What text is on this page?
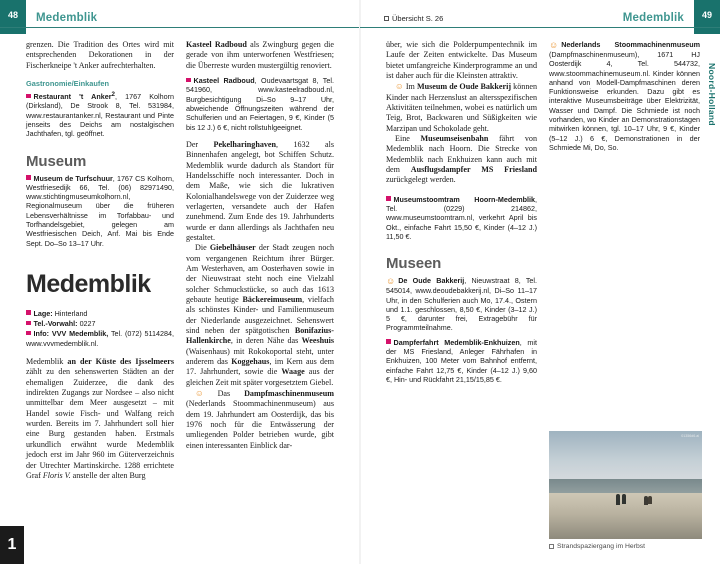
48	Medemblik

grenzen. Die Tradition des Ortes wird mit entsprechenden Dekorationen in der Fischerkneipe 't Anker aufrechterhalten.

Gastronomie/Einkaufen

Restaurant 't Anker$^2$, 1767 Kolhorn (Dirksland), De Strook 8, Tel. 531984, www.restaurantanker.nl, Restaurant und Pinte jenseits des Deichs am nostalgischen Jachthafen, tgl. geöffnet.

Museum

Museum de Turfschuur, 1767 CS Kolhorn, Westfriesedijk 66, Tel. (06) 82971490, www.stichtingmuseumkolhorn.nl, Regionalmuseum über die früheren Lebensverhältnisse im Torfabbau- und Torfhandelsgebiet, gelegen am Westfriesischen Deich, Anf. Mai bis Ende Sept. Do–So 13–17 Uhr.

Medemblik

Lage: Hinterland

Tel.-Vorwahl: 0227

Info: VVV Medemblik, Tel. (072) 5114284, www.vvvmedemblik.nl.

Medemblik an der Küste des Ijsselmeers zählt zu den sehenswerten Städten an der ehemaligen Zuiderzee, die dank des indirekten Zugangs zur Nordsee – also nicht unmittelbar dem Meer ausgesetzt – mit Handel sowie Fisch- und Walfang reich wurden. Bereits im 7. Jahrhundert soll hier eine Burg gestanden haben. Erstmals urkundlich erwähnt wurde Medemblik jedoch erst im Jahr 960 im Güterverzeichnis der Utrechter Martinskirche. 1288 errichtete Graf Floris V. anstelle der alten Burg

Kasteel Radboud als Zwingburg gegen die gerade von ihm unterworfenen Westfriesen; die Überreste wurden mustergültig renoviert.

Kasteel Radboud, Oudevaartsgat 8, Tel. 541960, www.kasteelradboud.nl, Burgbesichtigung Di–So 9–17 Uhr, abweichende Öffnungszeiten während der Schulferien und an Feiertagen, 9 €, Kinder (5 bis 12 J.) 6 €, nicht rollstuhlgeeignet.

Der Pekelharinghaven, 1632 als Binnenhafen angelegt, bot Schiffen Schutz. Medemblik wurde dadurch als Standort für Handelsschiffe noch interessanter. Doch in dem Maße, wie sich die lukrativen Kolonialhandelswege von der Zuiderzee weg verlagerten, versandete auch der Hafen zunehmend. Zum Ende des 19. Jahrhunderts wurde er dann allerdings als Jachthafen neu gestaltet.

Die Giebelhäuser der Stadt zeugen noch vom vergangenen Reichtum ihrer Bürger. Am Westerhaven, am Oosterhaven sowie in der Nieuwstraat steht noch eine Vielzahl solcher Schmuckstücke, so auch das 1613 gebaute heutige Bäckereimuseum, vielfach als schönstes Kinder- und Familienmuseum der Niederlande ausgezeichnet. Sehenswert sind neben der spätgotischen Bonifazius-Hallenkirche, in deren Nähe das Weeshuis (Waisenhaus) mit Rokokoportal steht, unter anderem das Koggehaus, im Kern aus dem 17. Jahrhundert, sowie die Waage aus der gleichen Zeit mit später vorgesetztem Giebel.

☺ Das Dampfmaschinenmuseum (Nederlands Stoommachinenmuseum) aus dem 19. Jahrhundert am Oosterdijk, das bis 1976 noch für die Entwässerung der umliegenden Polder betrieben wurde, gibt einen interessanten Einblick dar-

1
Übersicht S. 26	Medemblik	49
Noord-Holland

über, wie sich die Polderpumpentechnik im Laufe der Zeiten entwickelte. Das Museum bietet umfangreiche Kinderprogramme an und ist daher auch für die Kleinsten attraktiv.

☺ Im Museum de Oude Bakkerij können Kinder nach Herzenslust an altersspezifischen Aktivitäten teilnehmen, wobei es natürlich um Teig, Brot, Backwaren und Süßigkeiten wie Marzipan und Schokolade geht.

Eine Museumseisenbahn fährt von Medemblik nach Hoorn. Die Strecke von Medemblik nach Enkhuizen kann auch mit dem Ausflugsdampfer MS Friesland zurückgelegt werden.

Museumstoomtram Hoorn-Medemblik, Tel. (0229) 214862, www.museumstoomtram.nl, verkehrt April bis Okt., einfache Fahrt 15,50 €, Kinder (4–12 J.) 11,50 €.

Museen

☺ De Oude Bakkerij, Nieuwstraat 8, Tel. 545014, www.deoudebakkerij.nl, Di–So 11–17 Uhr, in den Schulferien auch Mo, 17.4., Ostern und 1.1. geschlossen, 8,50 €, Kinder (3–12 J.) 5 €, darunter frei, Extragebühr für Programmteilnahme.

Dampferfahrt Medemblik-Enkhuizen, mit der MS Friesland, Anleger Fährhafen in Enkhuizen, 100 Meter vom Bahnhof entfernt, einfache Fahrt 12,75 €, Kinder (4–12 J.) 9,60 €, Hin- und Rückfahrt 21,15/15,85 €.

☺ Nederlands Stoommachinenmuseum (Dampfmaschinenmuseum), 1671 HJ Oosterdijk 4, Tel. 544732, www.stoommachinemuseum.nl. Kinder können anhand von Modell-Dampfmaschinen deren Funktionsweise erkunden. Dazu gibt es interaktive Museumsbeiträge über Elektrizität, Wasser und Dampf. Die Schmiede ist noch vorhanden, wo Kinder an Demonstrationstagen mitwirken können, tgl. 10–17 Uhr, 9 €, Kinder (5–12 J.) 6 €, Demonstrationen in der Schmiede Mi, Do, So.

01356d6.ai
Strandspaziergang im Herbst
